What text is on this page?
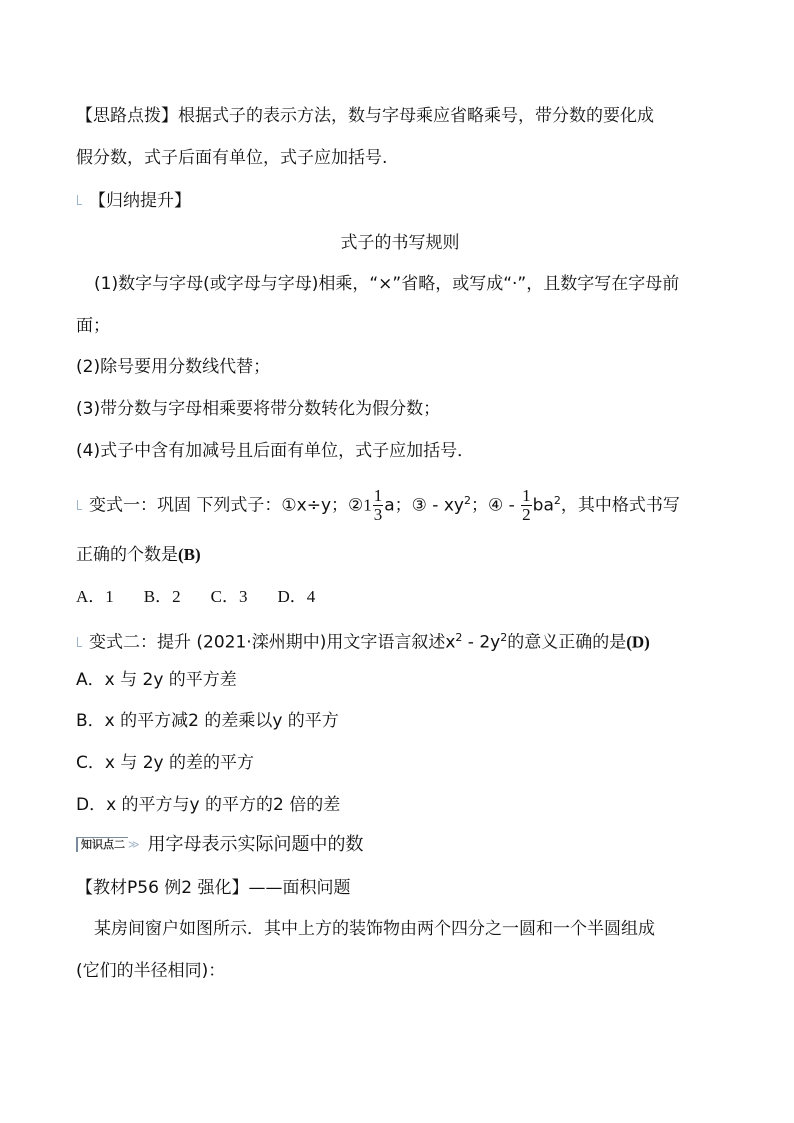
【思路点拨】根据式子的表示方法，数与字母乘应省略乘号，带分数的要化成
假分数，式子后面有单位，式子应加括号.
【归纳提升】
式子的书写规则
(1)数字与字母(或字母与字母)相乘，“×”省略，或写成“·”，且数字写在字母前
面；
(2)除号要用分数线代替；
(3)带分数与字母相乘要将带分数转化为假分数；
(4)式子中含有加减号且后面有单位，式子应加括号．
变式一：巩固 下列式子：①x÷y；②1 $\frac{1}{3}$ a；③ - $xy^2$；④ - $\frac{1}{2} ba^2$，其中格式书写
正确的个数是(B)
A．1 B．2 C．3 D．4
变式二：提升 (2021·滦州期中)用文字语言叙述$x^2 - 2y^2$的意义正确的是(D)
A．x 与 2y 的平方差
B．x 的平方减2 的差乘以y 的平方
C．x 与 2y 的差的平方
D．x 的平方与y 的平方的2 倍的差
知识点二 ≫ 用字母表示实际问题中的数
【教材P56 例2 强化】——面积问题
某房间窗户如图所示．其中上方的装饰物由两个四分之一圆和一个半圆组成
(它们的半径相同)：
